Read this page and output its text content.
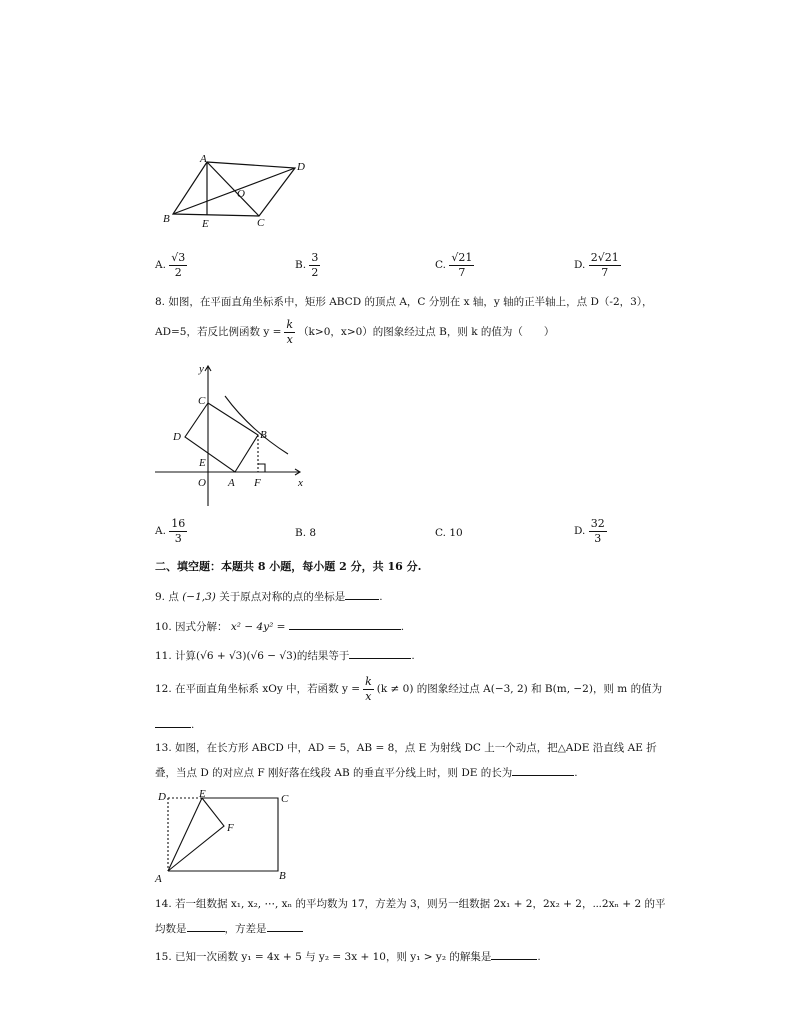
A
D
B	E	C
O
A. $\frac{√3}{2}$	B. $\frac{3}{2}$	C. $\frac{√21}{7}$	D. $\frac{2√21}{7}$
8. 如图，在平面直角坐标系中，矩形 ABCD 的顶点 A，C 分别在 x 轴，y 轴的正半轴上，点 D（-2，3），
AD=5，若反比例函数 $y = \frac{k}{x} (k>0$，x>0）的图象经过点 B，则 k 的值为（　　）
y
x
C
D	B
E
O A F
A. $\frac{16}{3}$	B. 8	C. 10	D. $\frac{32}{3}$
二、填空题：本题共 8 小题，每小题 2 分，共 16 分.
9. 点 (−1,3) 关于原点对称的点的坐标是	.
10. 因式分解： x² − 4y² =	.
11. 计算(√6 + √3)(√6 − √3)的结果等于	.
12. 在平面直角坐标系 xOy 中，若函数 $y = \frac{k}{x} (k \ne 0)$ 的图象经过点 A(−3, 2) 和 B(m, −2)，则 m 的值为
.
13. 如图，在长方形 ABCD 中，AD = 5，AB = 8，点 E 为射线 DC 上一个动点，把△ADE 沿直线 AE 折
叠，当点 D 的对应点 F 刚好落在线段 AB 的垂直平分线上时，则 DE 的长为	.
D	E	C
F
A	B
14. 若一组数据 x₁, x₂, ⋯, xₙ 的平均数为 17，方差为 3，则另一组数据 2x₁ + 2，2x₂ + 2，⋯2xₙ + 2 的平
均数是	，方差是
15. 已知一次函数 y₁ = 4x + 5 与 y₂ = 3x + 10，则 y₁ > y₂ 的解集是	.
